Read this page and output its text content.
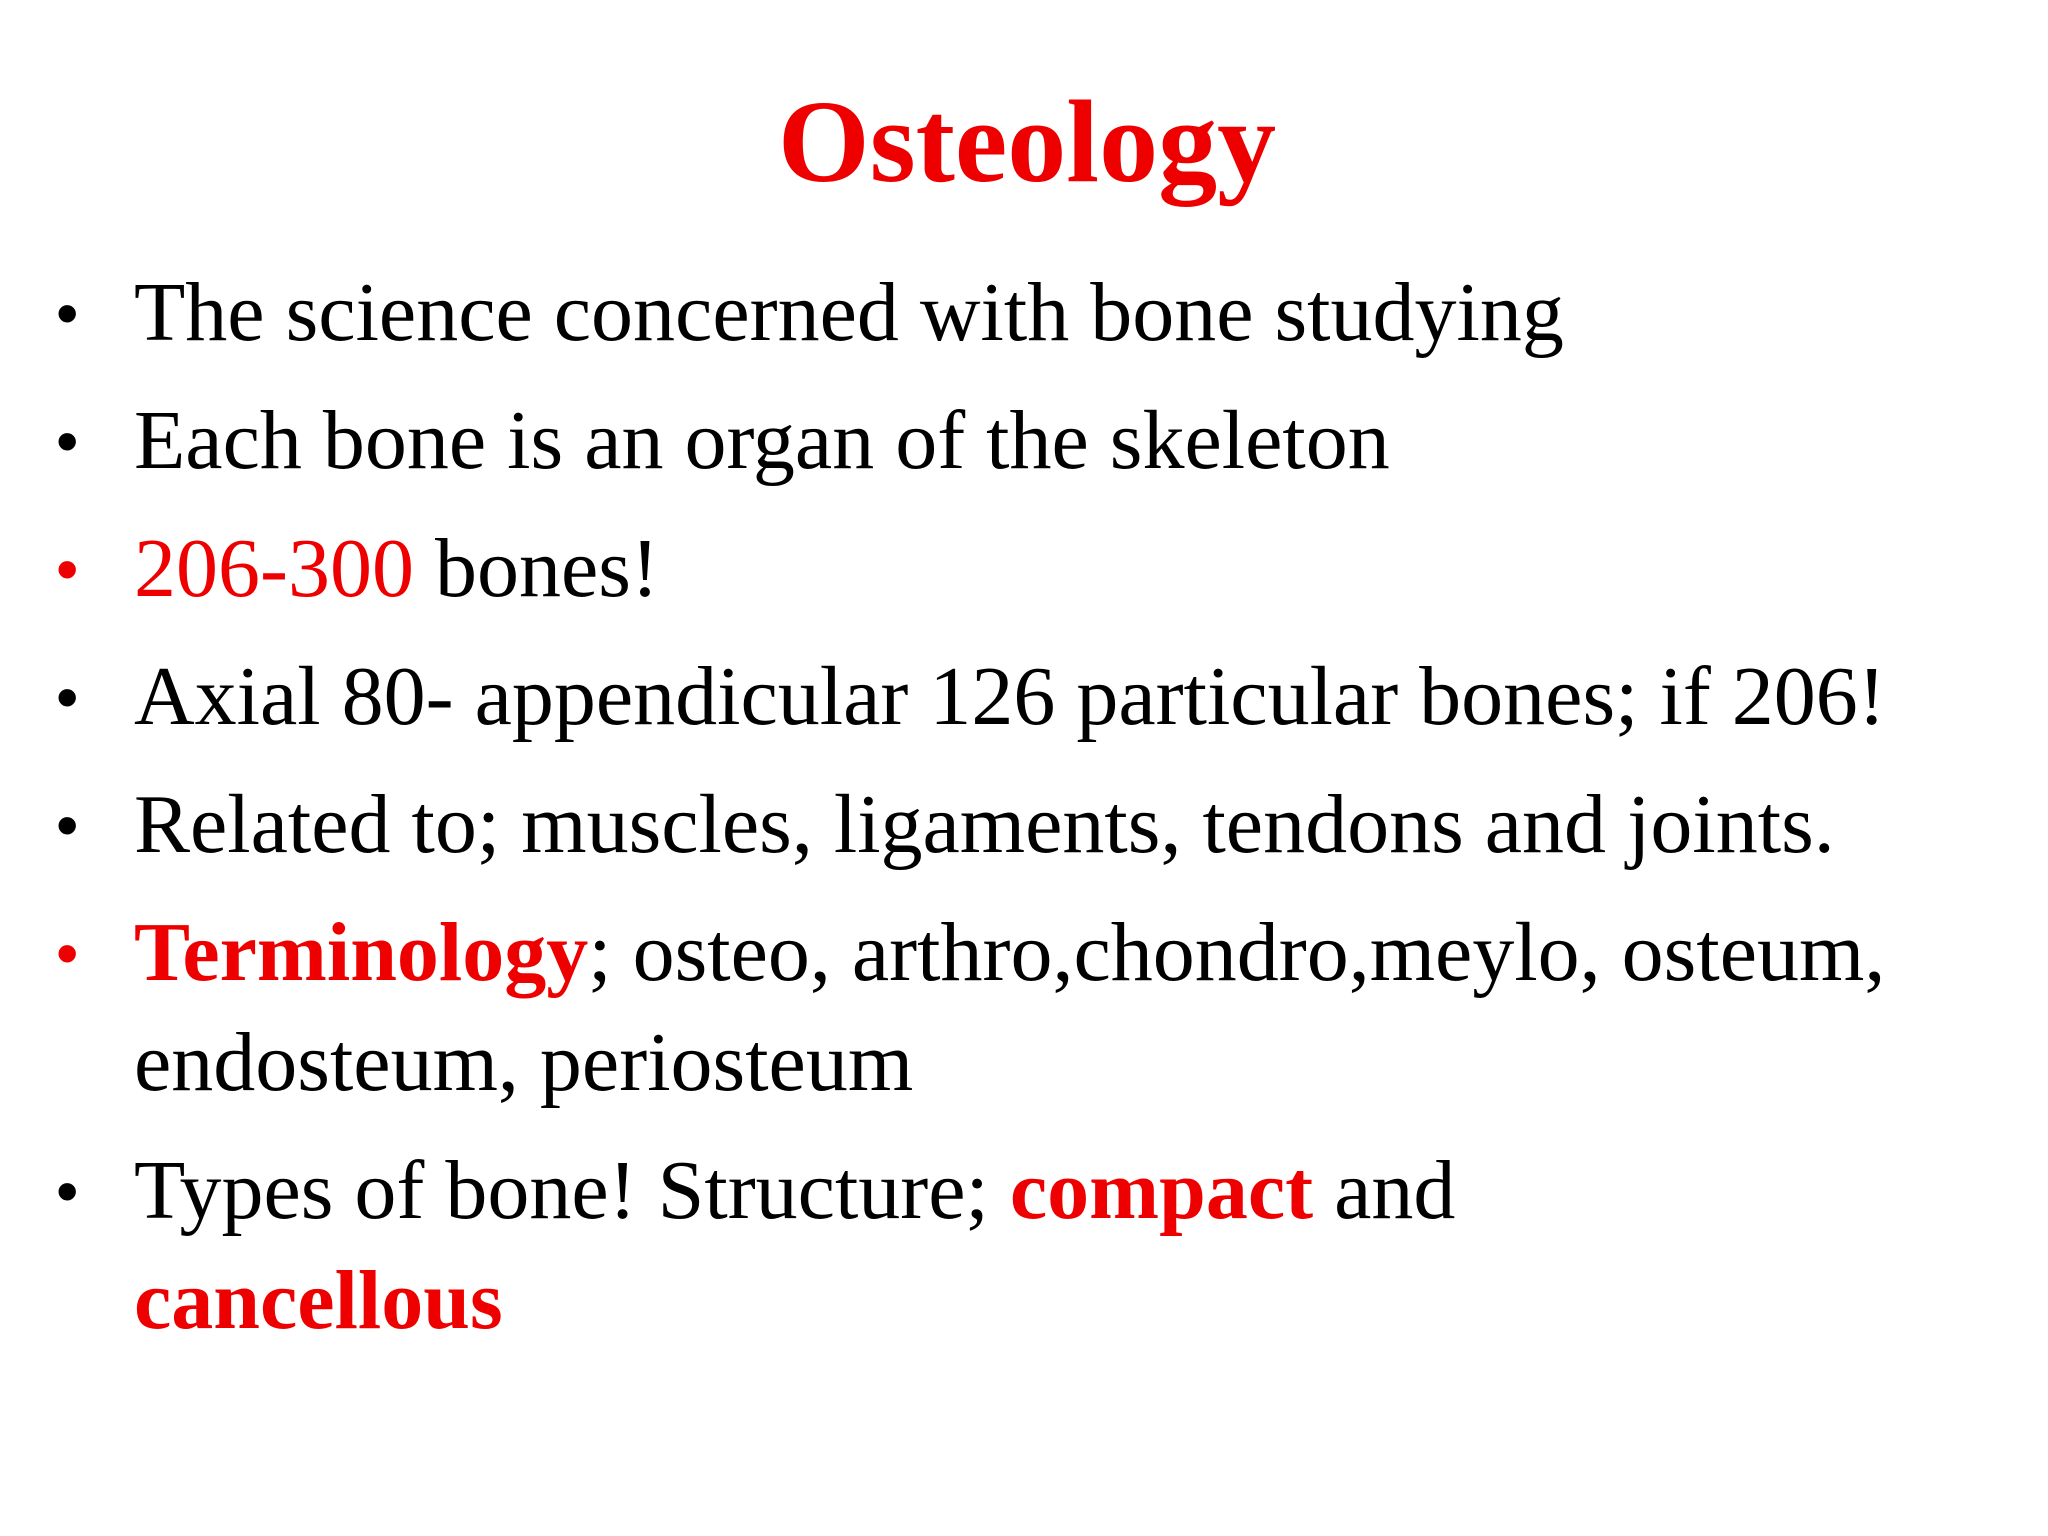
Osteology
• The science concerned with bone studying
• Each bone is an organ of the skeleton
• 206-300 bones!
• Axial 80- appendicular 126 particular bones; if 206!
• Related to; muscles, ligaments, tendons and joints.
• Terminology; osteo, arthro,chondro,meylo, osteum, endosteum, periosteum
• Types of bone! Structure; compact and
cancellous
